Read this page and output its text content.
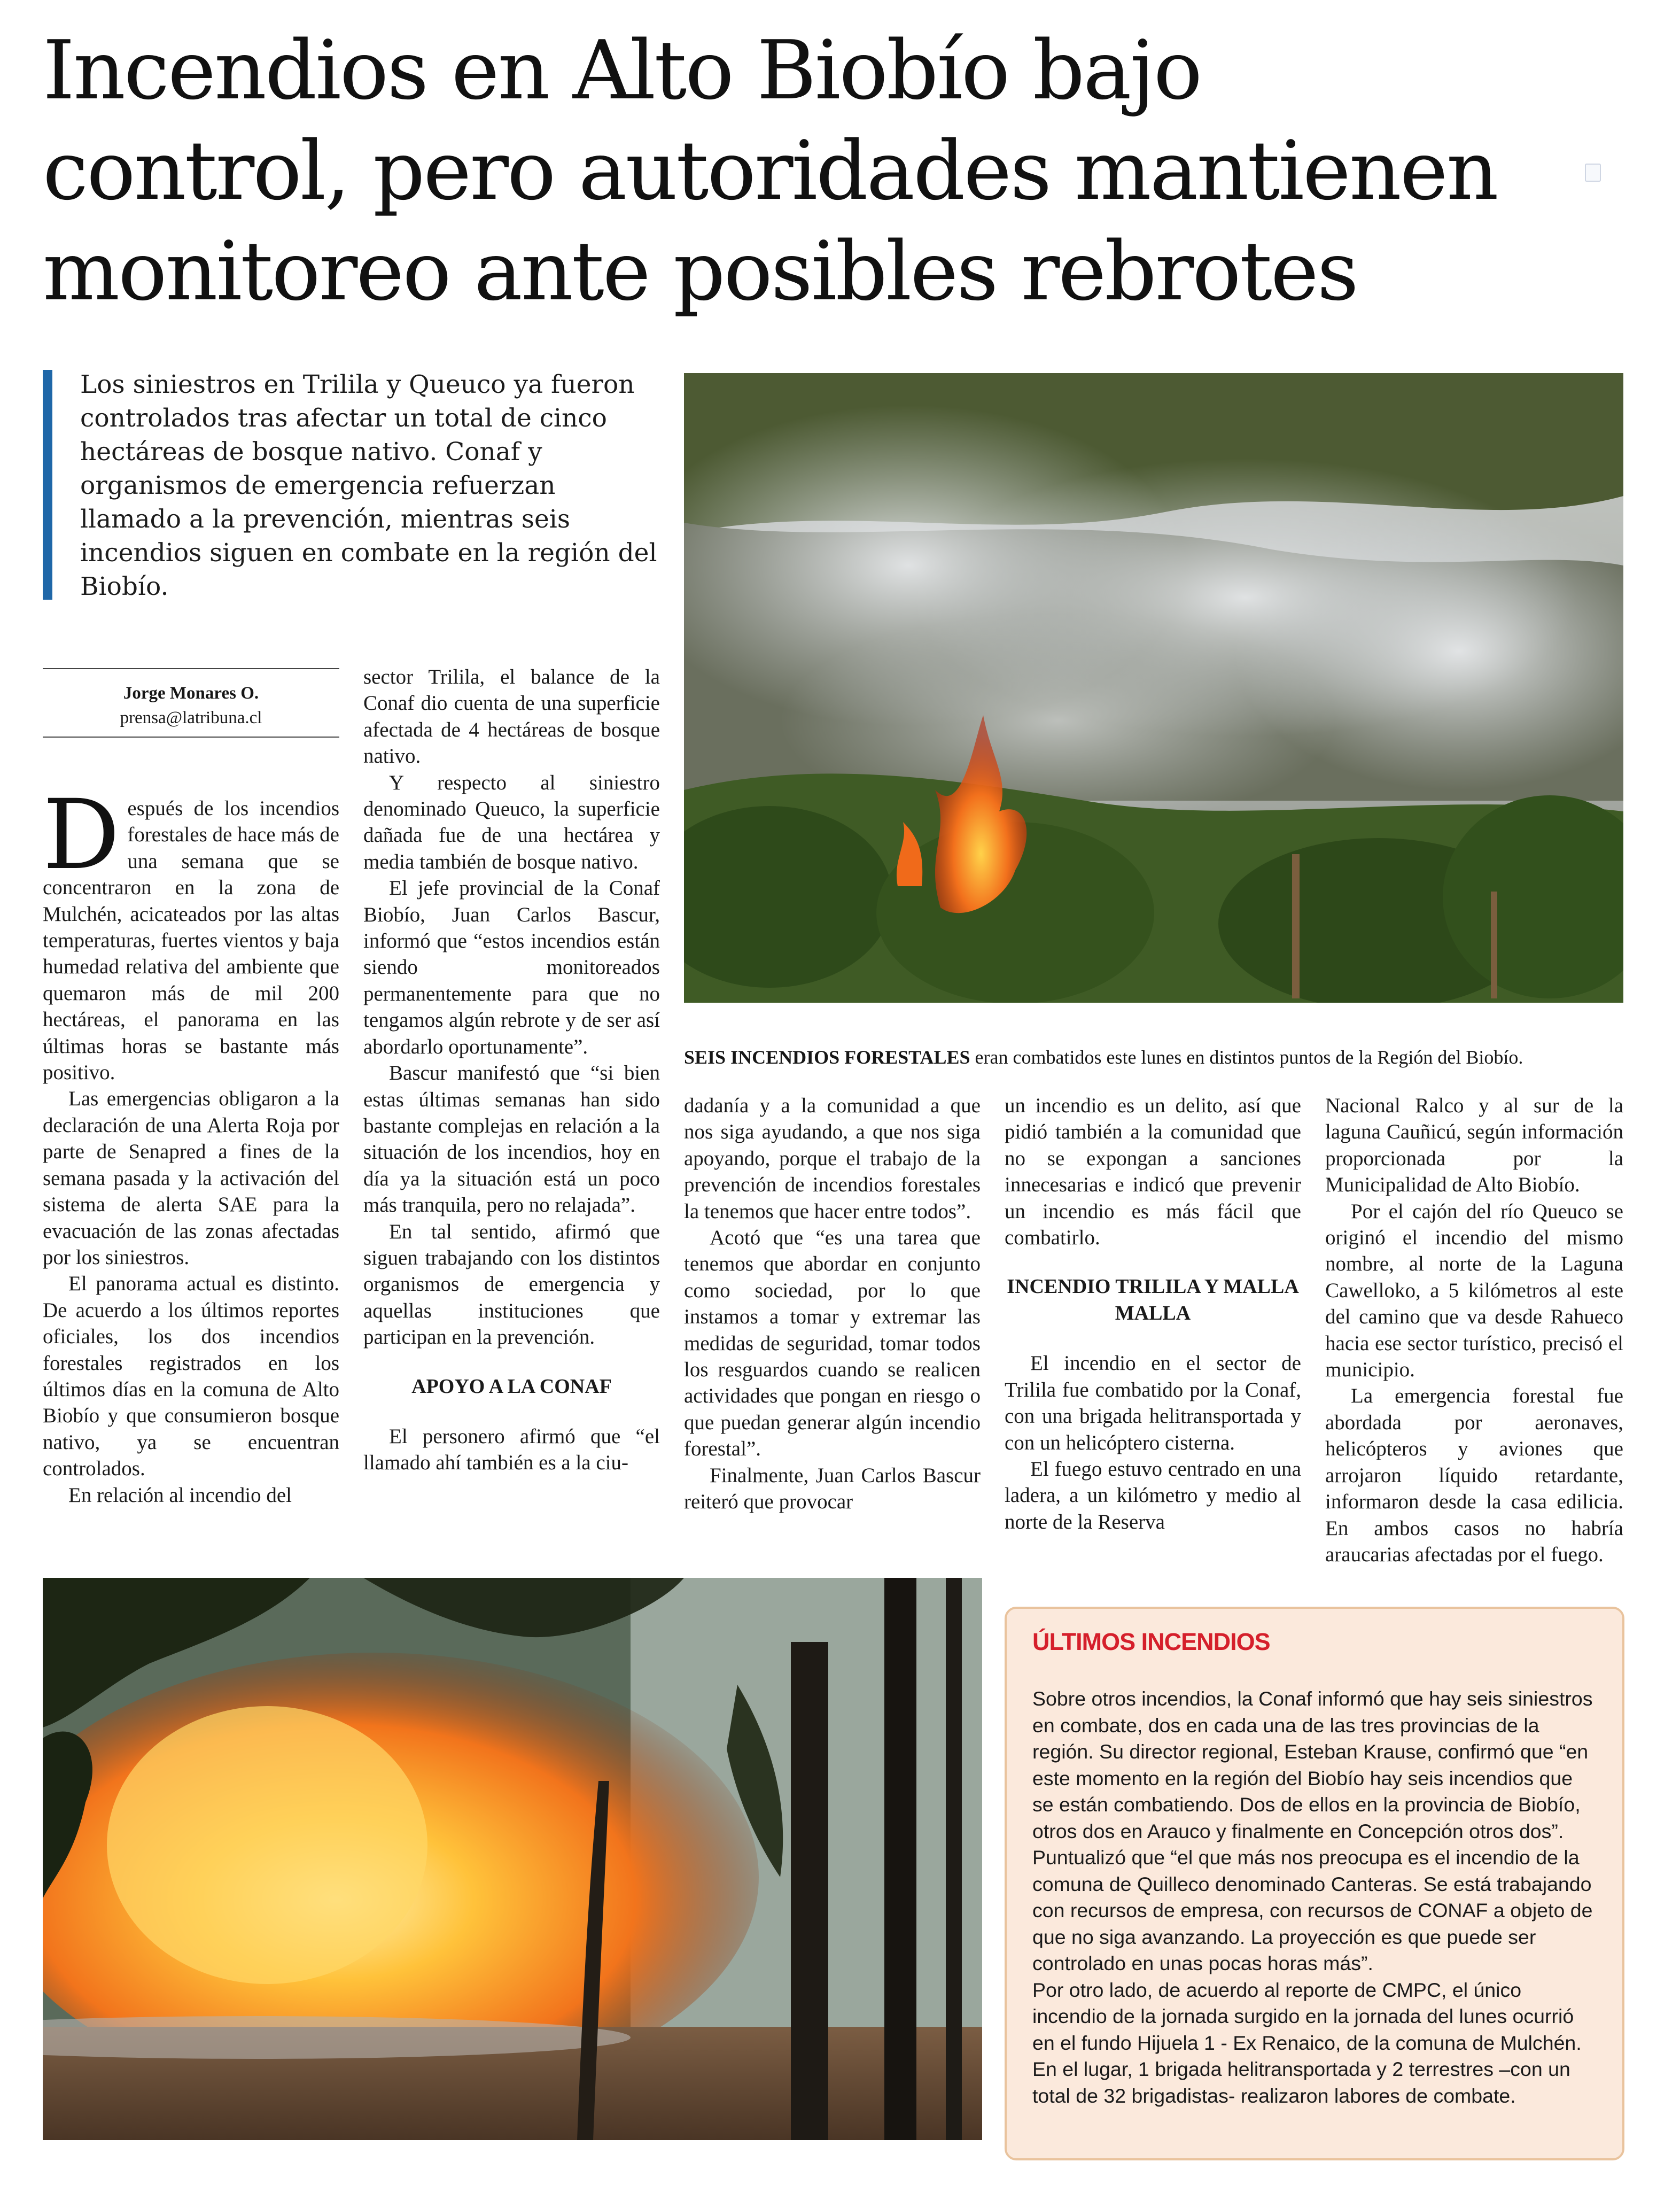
Incendios en Alto Biobío bajo
control, pero autoridades mantienen
monitoreo ante posibles rebrotes

Los siniestros en Trilila y Queuco ya fueron controlados tras afectar un total de cinco hectáreas de bosque nativo. Conaf y organismos de emergencia refuerzan llamado a la prevención, mientras seis incendios siguen en combate en la región del Biobío.

Jorge Monares O.
prensa@latribuna.cl
SEIS INCENDIOS FORESTALES eran combatidos este lunes en distintos puntos de la Región del Biobío.

Después de los incendios forestales de hace más de una semana que se concentraron en la zona de Mulchén, acicateados por las altas temperaturas, fuertes vientos y baja humedad relativa del ambiente que quemaron más de mil 200 hectáreas, el panorama en las últimas horas se bastante más positivo.

Las emergencias obligaron a la declaración de una Alerta Roja por parte de Senapred a fines de la semana pasada y la activación del sistema de alerta SAE para la evacuación de las zonas afectadas por los siniestros.

El panorama actual es distinto. De acuerdo a los últimos reportes oficiales, los dos incendios forestales registrados en los últimos días en la comuna de Alto Biobío y que consumieron bosque nativo, ya se encuentran controlados.

En relación al incendio del

sector Trilila, el balance de la Conaf dio cuenta de una superficie afectada de 4 hectáreas de bosque nativo.

Y respecto al siniestro denominado Queuco, la superficie dañada fue de una hectárea y media también de bosque nativo.

El jefe provincial de la Conaf Biobío, Juan Carlos Bascur, informó que “estos incendios están siendo monitoreados permanentemente para que no tengamos algún rebrote y de ser así abordarlo oportunamente”.

Bascur manifestó que “si bien estas últimas semanas han sido bastante complejas en relación a la situación de los incendios, hoy en día ya la situación está un poco más tranquila, pero no relajada”.

En tal sentido, afirmó que siguen trabajando con los distintos organismos de emergencia y aquellas instituciones que participan en la prevención.

APOYO A LA CONAF

El personero afirmó que “el llamado ahí también es a la ciu-

dadanía y a la comunidad a que nos siga ayudando, a que nos siga apoyando, porque el trabajo de la prevención de incendios forestales la tenemos que hacer entre todos”.

Acotó que “es una tarea que tenemos que abordar en conjunto como sociedad, por lo que instamos a tomar y extremar las medidas de seguridad, tomar todos los resguardos cuando se realicen actividades que pongan en riesgo o que puedan generar algún incendio forestal”.

Finalmente, Juan Carlos Bascur reiteró que provocar

un incendio es un delito, así que pidió también a la comunidad que no se expongan a sanciones innecesarias e indicó que prevenir un incendio es más fácil que combatirlo.

INCENDIO TRILILA Y MALLA MALLA

El incendio en el sector de Trilila fue combatido por la Conaf, con una brigada helitransportada y con un helicóptero cisterna.

El fuego estuvo centrado en una ladera, a un kilómetro y medio al norte de la Reserva

Nacional Ralco y al sur de la laguna Cauñicú, según información proporcionada por la Municipalidad de Alto Biobío.

Por el cajón del río Queuco se originó el incendio del mismo nombre, al norte de la Laguna Cawelloko, a 5 kilómetros al este del camino que va desde Rahueco hacia ese sector turístico, precisó el municipio.

La emergencia forestal fue abordada por aeronaves, helicópteros y aviones que arrojaron líquido retardante, informaron desde la casa edilicia. En ambos casos no habría araucarias afectadas por el fuego.

ÚLTIMOS INCENDIOS

Sobre otros incendios, la Conaf informó que hay seis siniestros en combate, dos en cada una de las tres provincias de la región. Su director regional, Esteban Krause, confirmó que “en este momento en la región del Biobío hay seis incendios que se están combatiendo. Dos de ellos en la provincia de Biobío, otros dos en Arauco y finalmente en Concepción otros dos”.

Puntualizó que “el que más nos preocupa es el incendio de la comuna de Quilleco denominado Canteras. Se está trabajando con recursos de empresa, con recursos de CONAF a objeto de que no siga avanzando. La proyección es que puede ser controlado en unas pocas horas más”.

Por otro lado, de acuerdo al reporte de CMPC, el único incendio de la jornada surgido en la jornada del lunes ocurrió en el fundo Hijuela 1 - Ex Renaico, de la comuna de Mulchén.

En el lugar, 1 brigada helitransportada y 2 terrestres –con un total de 32 brigadistas- realizaron labores de combate.
